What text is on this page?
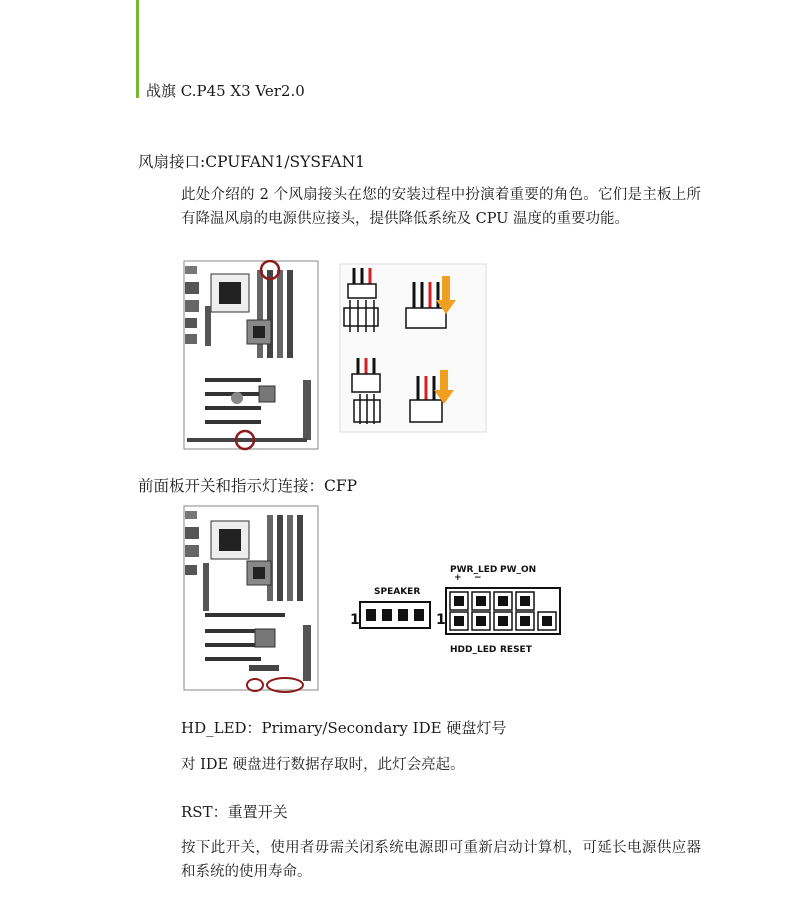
战旗 C.P45 X3 Ver2.0
风扇接口:CPUFAN1/SYSFAN1
此处介绍的 2 个风扇接头在您的安装过程中扮演着重要的角色。它们是主板上所有降温风扇的电源供应接头，提供降低系统及 CPU 温度的重要功能。
前面板开关和指示灯连接：CFP
SPEAKER
1	1
PWR_LED PW_ON
+ −
HDD_LED RESET
HD_LED：Primary/Secondary IDE 硬盘灯号
对 IDE 硬盘进行数据存取时，此灯会亮起。
RST：重置开关
按下此开关，使用者毋需关闭系统电源即可重新启动计算机，可延长电源供应器和系统的使用寿命。
